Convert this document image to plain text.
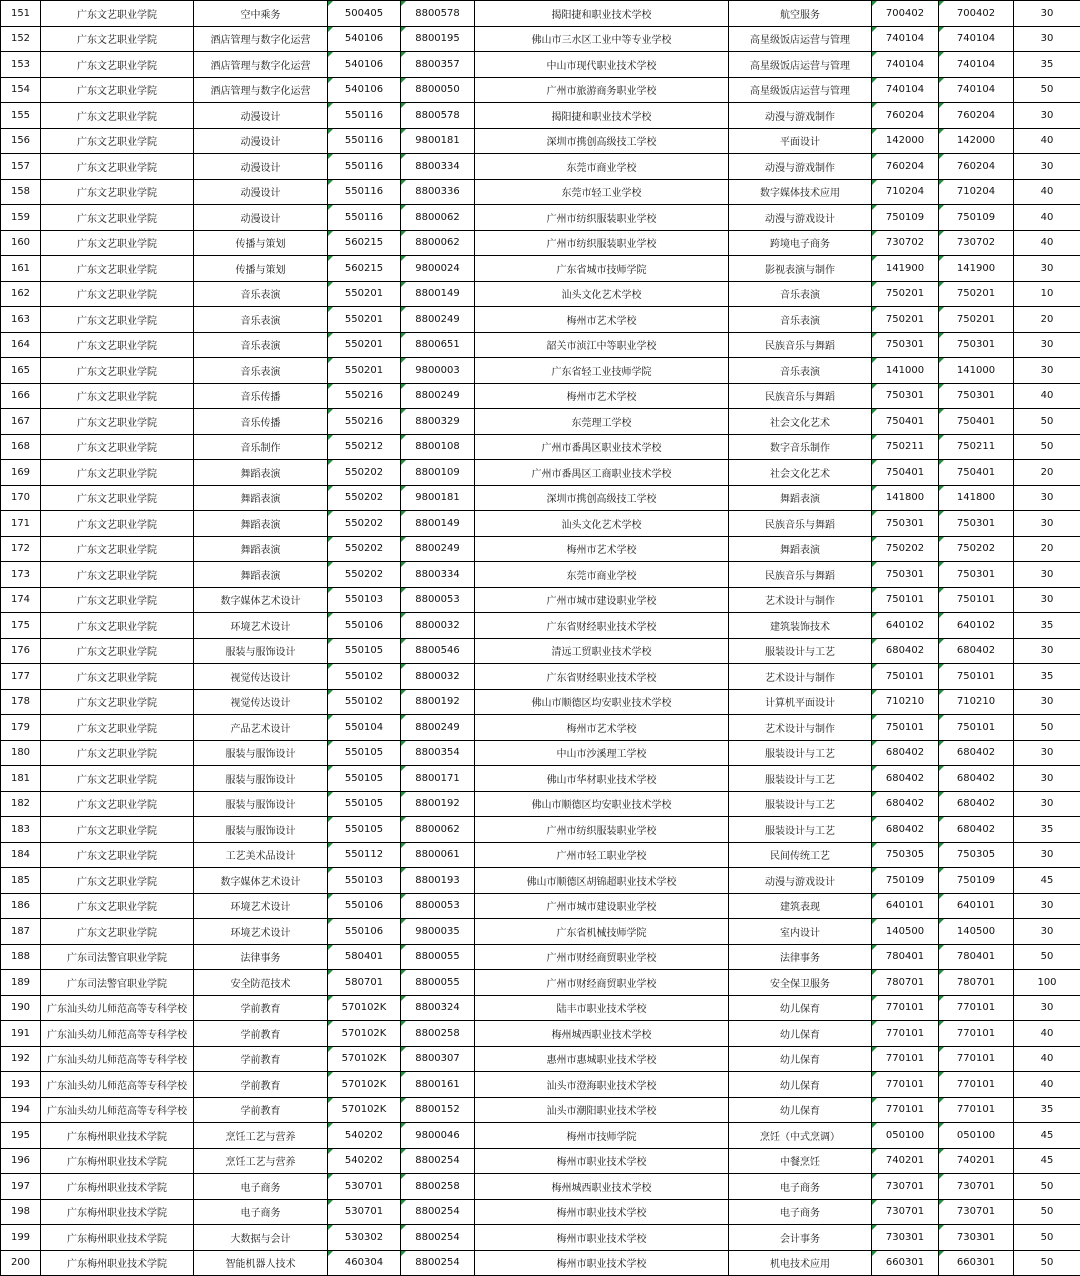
151	广东文艺职业学院	空中乘务	500405	8800578	揭阳捷和职业技术学校	航空服务	700402	700402	30
152	广东文艺职业学院	酒店管理与数字化运营	540106	8800195	佛山市三水区工业中等专业学校	高星级饭店运营与管理	740104	740104	30
153	广东文艺职业学院	酒店管理与数字化运营	540106	8800357	中山市现代职业技术学校	高星级饭店运营与管理	740104	740104	35
154	广东文艺职业学院	酒店管理与数字化运营	540106	8800050	广州市旅游商务职业学校	高星级饭店运营与管理	740104	740104	50
155	广东文艺职业学院	动漫设计	550116	8800578	揭阳捷和职业技术学校	动漫与游戏制作	760204	760204	30
156	广东文艺职业学院	动漫设计	550116	9800181	深圳市携创高级技工学校	平面设计	142000	142000	40
157	广东文艺职业学院	动漫设计	550116	8800334	东莞市商业学校	动漫与游戏制作	760204	760204	30
158	广东文艺职业学院	动漫设计	550116	8800336	东莞市轻工业学校	数字媒体技术应用	710204	710204	40
159	广东文艺职业学院	动漫设计	550116	8800062	广州市纺织服装职业学校	动漫与游戏设计	750109	750109	40
160	广东文艺职业学院	传播与策划	560215	8800062	广州市纺织服装职业学校	跨境电子商务	730702	730702	40
161	广东文艺职业学院	传播与策划	560215	9800024	广东省城市技师学院	影视表演与制作	141900	141900	30
162	广东文艺职业学院	音乐表演	550201	8800149	汕头文化艺术学校	音乐表演	750201	750201	10
163	广东文艺职业学院	音乐表演	550201	8800249	梅州市艺术学校	音乐表演	750201	750201	20
164	广东文艺职业学院	音乐表演	550201	8800651	韶关市浈江中等职业学校	民族音乐与舞蹈	750301	750301	30
165	广东文艺职业学院	音乐表演	550201	9800003	广东省轻工业技师学院	音乐表演	141000	141000	30
166	广东文艺职业学院	音乐传播	550216	8800249	梅州市艺术学校	民族音乐与舞蹈	750301	750301	40
167	广东文艺职业学院	音乐传播	550216	8800329	东莞理工学校	社会文化艺术	750401	750401	50
168	广东文艺职业学院	音乐制作	550212	8800108	广州市番禺区职业技术学校	数字音乐制作	750211	750211	50
169	广东文艺职业学院	舞蹈表演	550202	8800109	广州市番禺区工商职业技术学校	社会文化艺术	750401	750401	20
170	广东文艺职业学院	舞蹈表演	550202	9800181	深圳市携创高级技工学校	舞蹈表演	141800	141800	30
171	广东文艺职业学院	舞蹈表演	550202	8800149	汕头文化艺术学校	民族音乐与舞蹈	750301	750301	30
172	广东文艺职业学院	舞蹈表演	550202	8800249	梅州市艺术学校	舞蹈表演	750202	750202	20
173	广东文艺职业学院	舞蹈表演	550202	8800334	东莞市商业学校	民族音乐与舞蹈	750301	750301	30
174	广东文艺职业学院	数字媒体艺术设计	550103	8800053	广州市城市建设职业学校	艺术设计与制作	750101	750101	30
175	广东文艺职业学院	环境艺术设计	550106	8800032	广东省财经职业技术学校	建筑装饰技术	640102	640102	35
176	广东文艺职业学院	服装与服饰设计	550105	8800546	清远工贸职业技术学校	服装设计与工艺	680402	680402	30
177	广东文艺职业学院	视觉传达设计	550102	8800032	广东省财经职业技术学校	艺术设计与制作	750101	750101	35
178	广东文艺职业学院	视觉传达设计	550102	8800192	佛山市顺德区均安职业技术学校	计算机平面设计	710210	710210	30
179	广东文艺职业学院	产品艺术设计	550104	8800249	梅州市艺术学校	艺术设计与制作	750101	750101	50
180	广东文艺职业学院	服装与服饰设计	550105	8800354	中山市沙溪理工学校	服装设计与工艺	680402	680402	30
181	广东文艺职业学院	服装与服饰设计	550105	8800171	佛山市华材职业技术学校	服装设计与工艺	680402	680402	30
182	广东文艺职业学院	服装与服饰设计	550105	8800192	佛山市顺德区均安职业技术学校	服装设计与工艺	680402	680402	30
183	广东文艺职业学院	服装与服饰设计	550105	8800062	广州市纺织服装职业学校	服装设计与工艺	680402	680402	35
184	广东文艺职业学院	工艺美术品设计	550112	8800061	广州市轻工职业学校	民间传统工艺	750305	750305	30
185	广东文艺职业学院	数字媒体艺术设计	550103	8800193	佛山市顺德区胡锦超职业技术学校	动漫与游戏设计	750109	750109	45
186	广东文艺职业学院	环境艺术设计	550106	8800053	广州市城市建设职业学校	建筑表现	640101	640101	30
187	广东文艺职业学院	环境艺术设计	550106	9800035	广东省机械技师学院	室内设计	140500	140500	30
188	广东司法警官职业学院	法律事务	580401	8800055	广州市财经商贸职业学校	法律事务	780401	780401	50
189	广东司法警官职业学院	安全防范技术	580701	8800055	广州市财经商贸职业学校	安全保卫服务	780701	780701	100
190	广东汕头幼儿师范高等专科学校	学前教育	570102K	8800324	陆丰市职业技术学校	幼儿保育	770101	770101	30
191	广东汕头幼儿师范高等专科学校	学前教育	570102K	8800258	梅州城西职业技术学校	幼儿保育	770101	770101	40
192	广东汕头幼儿师范高等专科学校	学前教育	570102K	8800307	惠州市惠城职业技术学校	幼儿保育	770101	770101	40
193	广东汕头幼儿师范高等专科学校	学前教育	570102K	8800161	汕头市澄海职业技术学校	幼儿保育	770101	770101	40
194	广东汕头幼儿师范高等专科学校	学前教育	570102K	8800152	汕头市潮阳职业技术学校	幼儿保育	770101	770101	35
195	广东梅州职业技术学院	烹饪工艺与营养	540202	9800046	梅州市技师学院	烹饪（中式烹调）	050100	050100	45
196	广东梅州职业技术学院	烹饪工艺与营养	540202	8800254	梅州市职业技术学校	中餐烹饪	740201	740201	45
197	广东梅州职业技术学院	电子商务	530701	8800258	梅州城西职业技术学校	电子商务	730701	730701	50
198	广东梅州职业技术学院	电子商务	530701	8800254	梅州市职业技术学校	电子商务	730701	730701	50
199	广东梅州职业技术学院	大数据与会计	530302	8800254	梅州市职业技术学校	会计事务	730301	730301	50
200	广东梅州职业技术学院	智能机器人技术	460304	8800254	梅州市职业技术学校	机电技术应用	660301	660301	50
